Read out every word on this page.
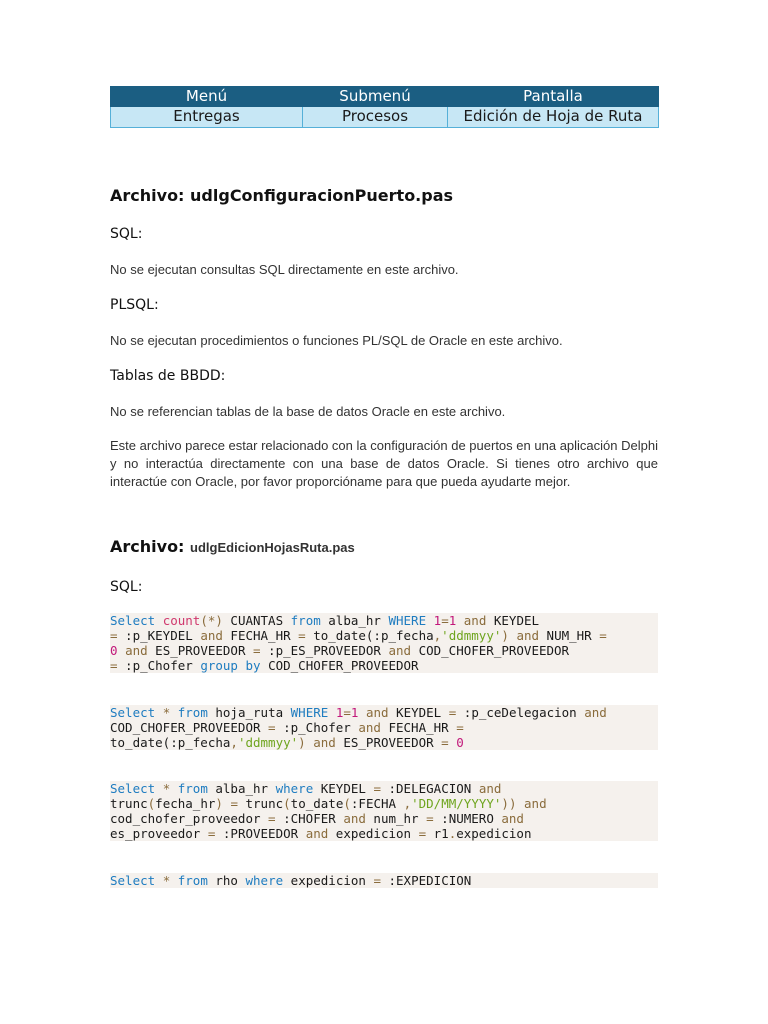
Menú	Submenú	Pantalla
Entregas	Procesos	Edición de Hoja de Ruta
Archivo: udlgConfiguracionPuerto.pas

SQL:

No se ejecutan consultas SQL directamente en este archivo.

PLSQL:

No se ejecutan procedimientos o funciones PL/SQL de Oracle en este archivo.

Tablas de BBDD:

No se referencian tablas de la base de datos Oracle en este archivo.

Este archivo parece estar relacionado con la configuración de puertos en una aplicación Delphi y no interactúa directamente con una base de datos Oracle. Si tienes otro archivo que interactúe con Oracle, por favor proporcióname para que pueda ayudarte mejor.

Archivo: udlgEdicionHojasRuta.pas

SQL:

Select count(*) CUANTAS from alba_hr WHERE 1=1 and KEYDEL
= :p_KEYDEL and FECHA_HR = to_date(:p_fecha,'ddmmyy') and NUM_HR =
0 and ES_PROVEEDOR = :p_ES_PROVEEDOR and COD_CHOFER_PROVEEDOR
= :p_Chofer group by COD_CHOFER_PROVEEDOR
Select * from hoja_ruta WHERE 1=1 and KEYDEL = :p_ceDelegacion and
COD_CHOFER_PROVEEDOR = :p_Chofer and FECHA_HR =
to_date(:p_fecha,'ddmmyy') and ES_PROVEEDOR = 0
Select * from alba_hr where KEYDEL = :DELEGACION and
trunc(fecha_hr) = trunc(to_date(:FECHA ,'DD/MM/YYYY')) and
cod_chofer_proveedor = :CHOFER and num_hr = :NUMERO and
es_proveedor = :PROVEEDOR and expedicion = r1.expedicion
Select * from rho where expedicion = :EXPEDICION
